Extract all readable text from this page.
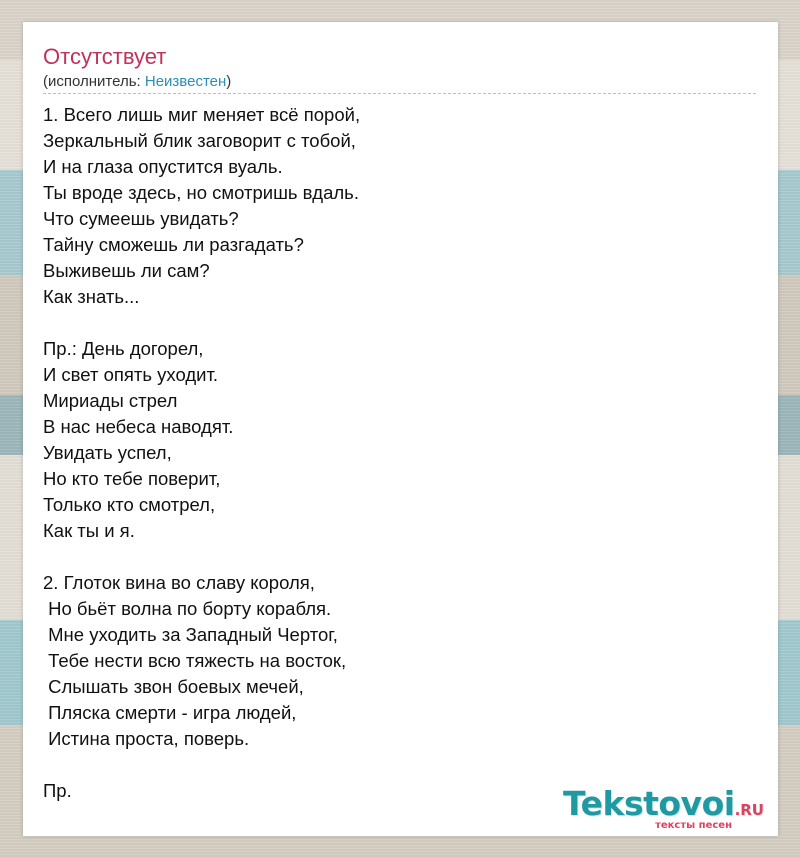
Отсутствует
(исполнитель: Неизвестен)
1. Всего лишь миг меняет всё порой,
Зеркальный блик заговорит с тобой,
И на глаза опустится вуаль.
Ты вроде здесь, но смотришь вдаль.
Что сумеешь увидать?
Тайну сможешь ли разгадать?
Выживешь ли сам?
Как знать...
Пр.: День догорел,
И свет опять уходит.
Мириады стрел
В нас небеса наводят.
Увидать успел,
Но кто тебе поверит,
Только кто смотрел,
Как ты и я.
2. Глоток вина во славу короля,
Но бьёт волна по борту корабля.
Мне уходить за Западный Чертог,
Тебе нести всю тяжесть на восток,
Слышать звон боевых мечей,
Пляска смерти - игра людей,
Истина проста, поверь.
Пр.	Tekstovoi.RU
тексты песен
